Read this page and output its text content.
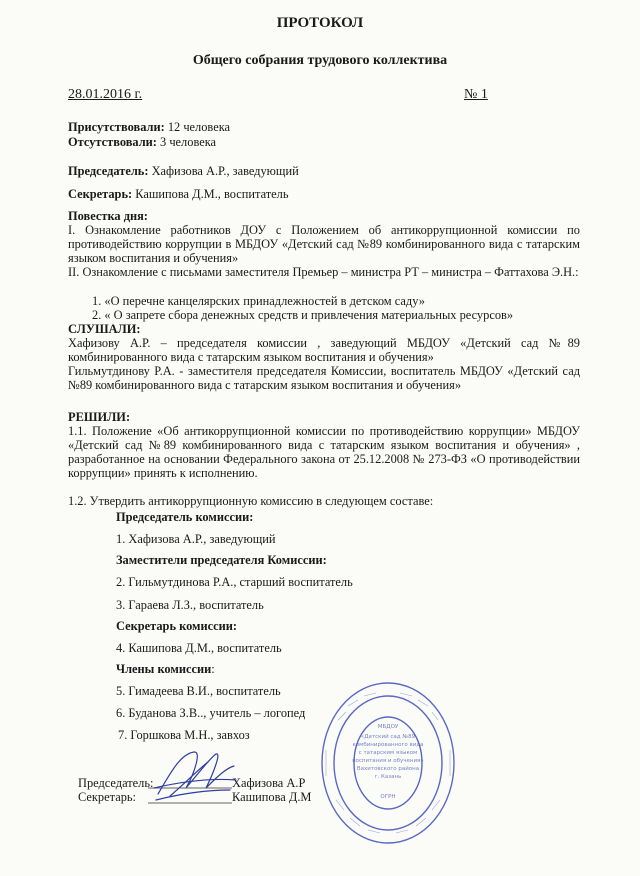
ПРОТОКОЛ
Общего собрания трудового коллектива
28.01.2016 г.	№ 1
Присутствовали: 12 человека
Отсутствовали: 3 человека
Председатель: Хафизова А.Р., заведующий
Секретарь: Кашипова Д.М., воспитатель
Повестка дня:
I. Ознакомление работников ДОУ с Положением об антикоррупционной комиссии по противодействию коррупции в МБДОУ «Детский сад №89 комбинированного вида с татарским языком воспитания и обучения»
II. Ознакомление с письмами заместителя Премьер – министра РТ – министра – Фаттахова Э.Н.:
1. «О перечне канцелярских принадлежностей в детском саду»
2. « О запрете сбора денежных средств и привлечения материальных ресурсов»
СЛУШАЛИ:
Хафизову А.Р. – председателя комиссии , заведующий МБДОУ «Детский сад №89 комбинированного вида с татарским языком воспитания и обучения»
Гильмутдинову Р.А. - заместителя председателя Комиссии, воспитатель МБДОУ «Детский сад №89 комбинированного вида с татарским языком воспитания и обучения»
РЕШИЛИ:
1.1. Положение «Об антикоррупционной комиссии по противодействию коррупции» МБДОУ «Детский сад №89 комбинированного вида с татарским языком воспитания и обучения» , разработанное на основании Федерального закона от 25.12.2008 № 273-ФЗ «О противодействии коррупции» принять к исполнению.
1.2. Утвердить антикоррупционную комиссию в следующем составе:
Председатель комиссии:
1. Хафизова А.Р., заведующий
Заместители председателя Комиссии:
2. Гильмутдинова Р.А., старший воспитатель
3. Гараева Л.З., воспитатель
Секретарь комиссии:
4. Кашипова Д.М., воспитатель
Члены комиссии:
5. Гимадеева В.И., воспитатель
6. Буданова З.В.., учитель – логопед
7. Горшкова М.Н., завхоз
Председатель:	Хафизова А.Р
Секретарь:	Кашипова Д.М
МБДОУ
«Детский сад №89
комбинированного вида
с татарским языком
воспитания и обучения»
Вахитовского района
г. Казань
ОГРН
